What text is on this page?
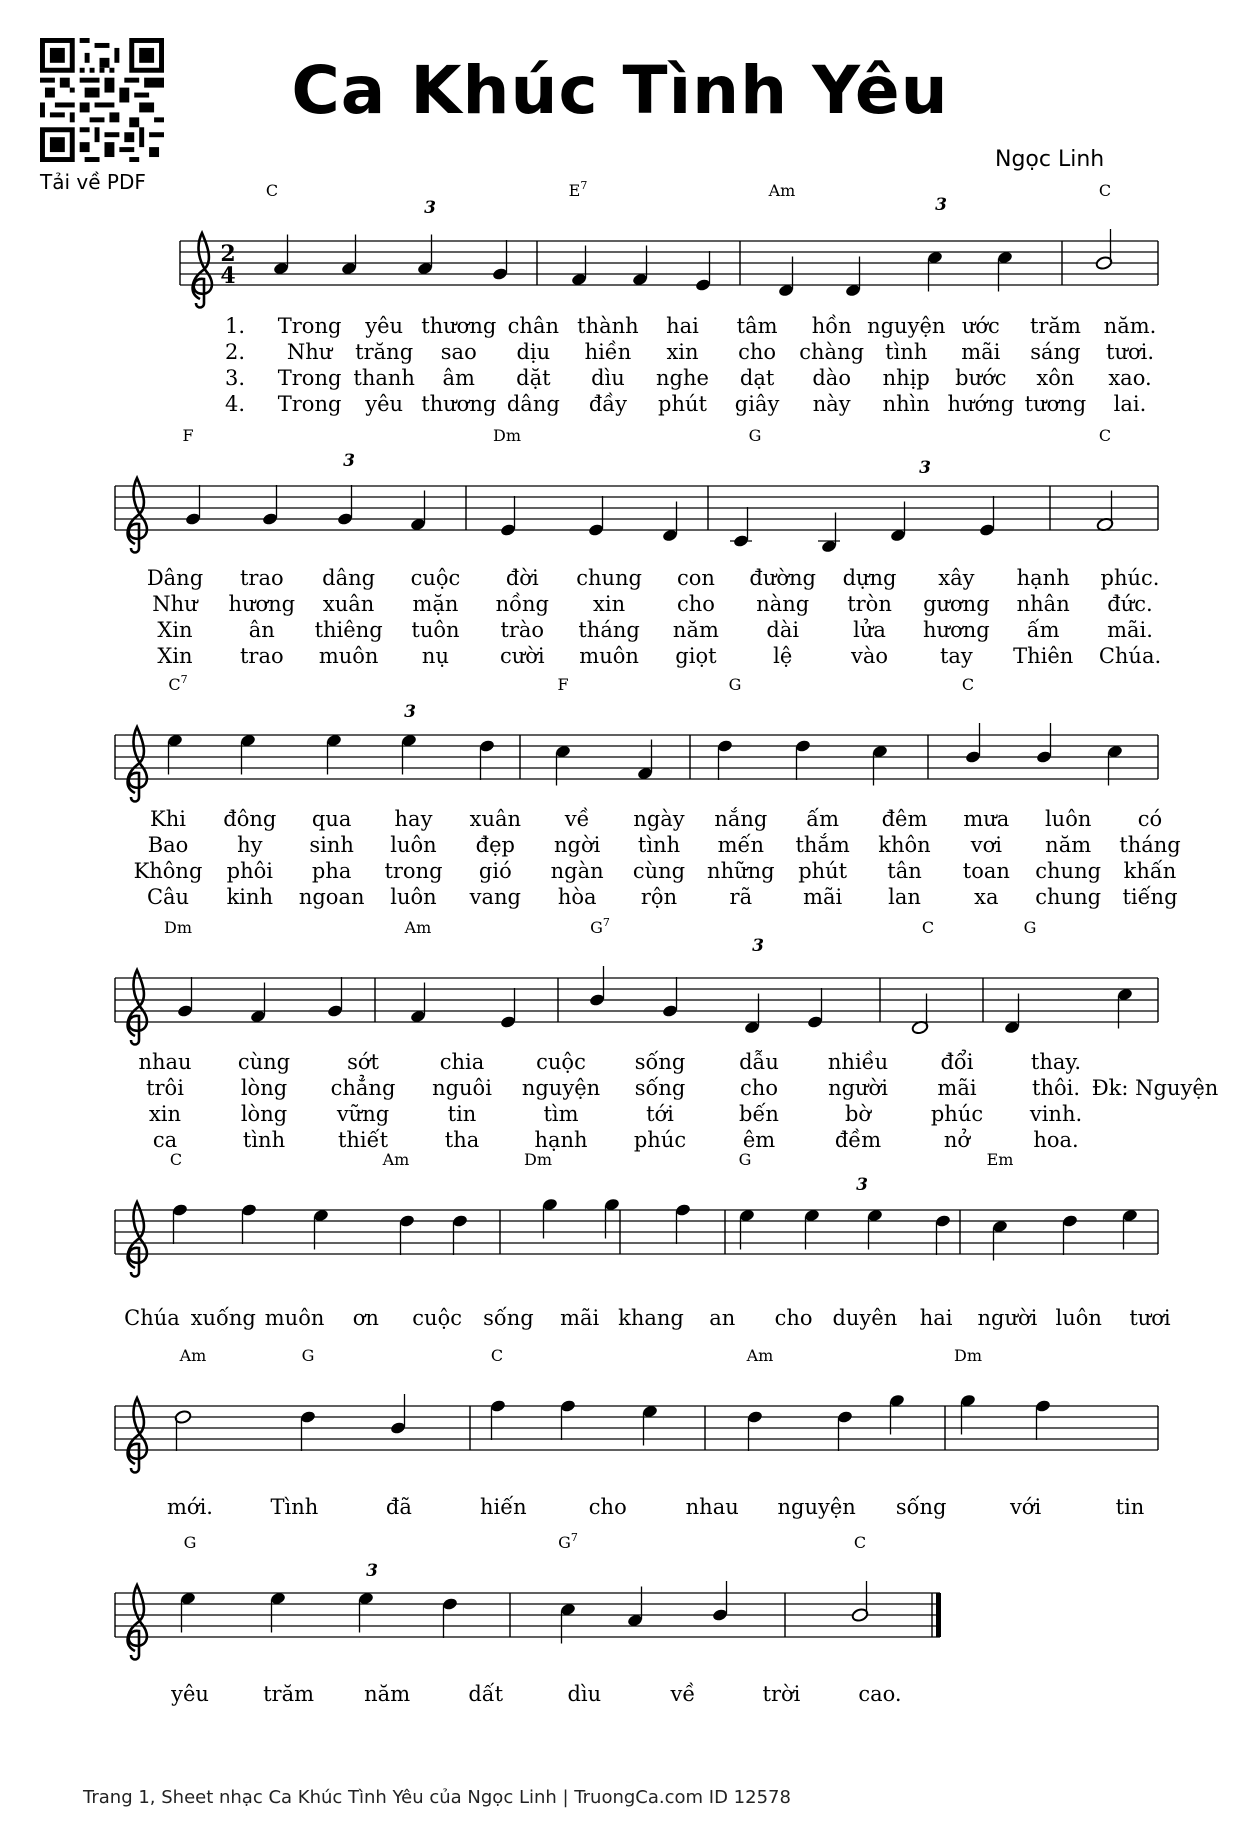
Tải về PDF
Ca Khúc Tình Yêu
Ngọc Linh
2
4
C	$E^7$	Am	C
1. Trong yêu thương chân thành hai tâm hồn nguyện ước trăm năm.
2. Như trăng sao dịu hiền xin cho chàng tình mãi sáng tươi.
3. Trong thanh âm dặt dìu nghe dạt dào nhịp bước xôn xao.
4. Trong yêu thương dâng đầy phút giây này nhìn hướng tương lai.
F	Dm	G	C
Dâng trao dâng cuộc đời chung con đường dựng xây hạnh phúc.
Như hương xuân mặn nồng xin cho nàng tròn gương nhân đức.
Xin	ân thiêng tuôn trào tháng năm dài	lửa hương ấm mãi.
Xin trao muôn nụ cười muôn giọt	lệ	vào tay Thiên Chúa.
$C^7$	F	G	C
Khi đông qua hay xuân về ngày nắng ấm đêm mưa luôn có
Bao hy sinh luôn đẹp ngời tình mến thắm khôn vơi năm tháng
Không phôi pha trong gió ngàn cùng những phút tân toan chung khấn
Câu kinh ngoan luôn vang hòa rộn rã mãi lan	xa chung tiếng
Dm	Am	$G^7$	C	G
nhau cùng	sớt	chia cuộc sống	dẫu nhiều đổi	thay.
trôi	lòng chẳng nguôi nguyện sống	cho người mãi	thôi. Đk: Nguyện
xin	lòng vững	tin	tìm	tới	bến	bờ	phúc vinh.
ca	tình	thiết	tha	hạnh phúc	êm	đềm	nở	hoa.
C	Am	Dm	G	Em
Chúa xuống muôn ơn cuộc sống mãi khang an cho duyên hai người luôn tươi
Am	G	C	Am	Dm
mới.	Tình	đã	hiến	cho	nhau nguyện sống	với	tin
G	$G^7$	C
yêu	trăm năm	dất	dìu	về	trời	cao.
3	3
3	3
3
3
3
3
Trang 1, Sheet nhạc Ca Khúc Tình Yêu của Ngọc Linh | TruongCa.com ID 12578
